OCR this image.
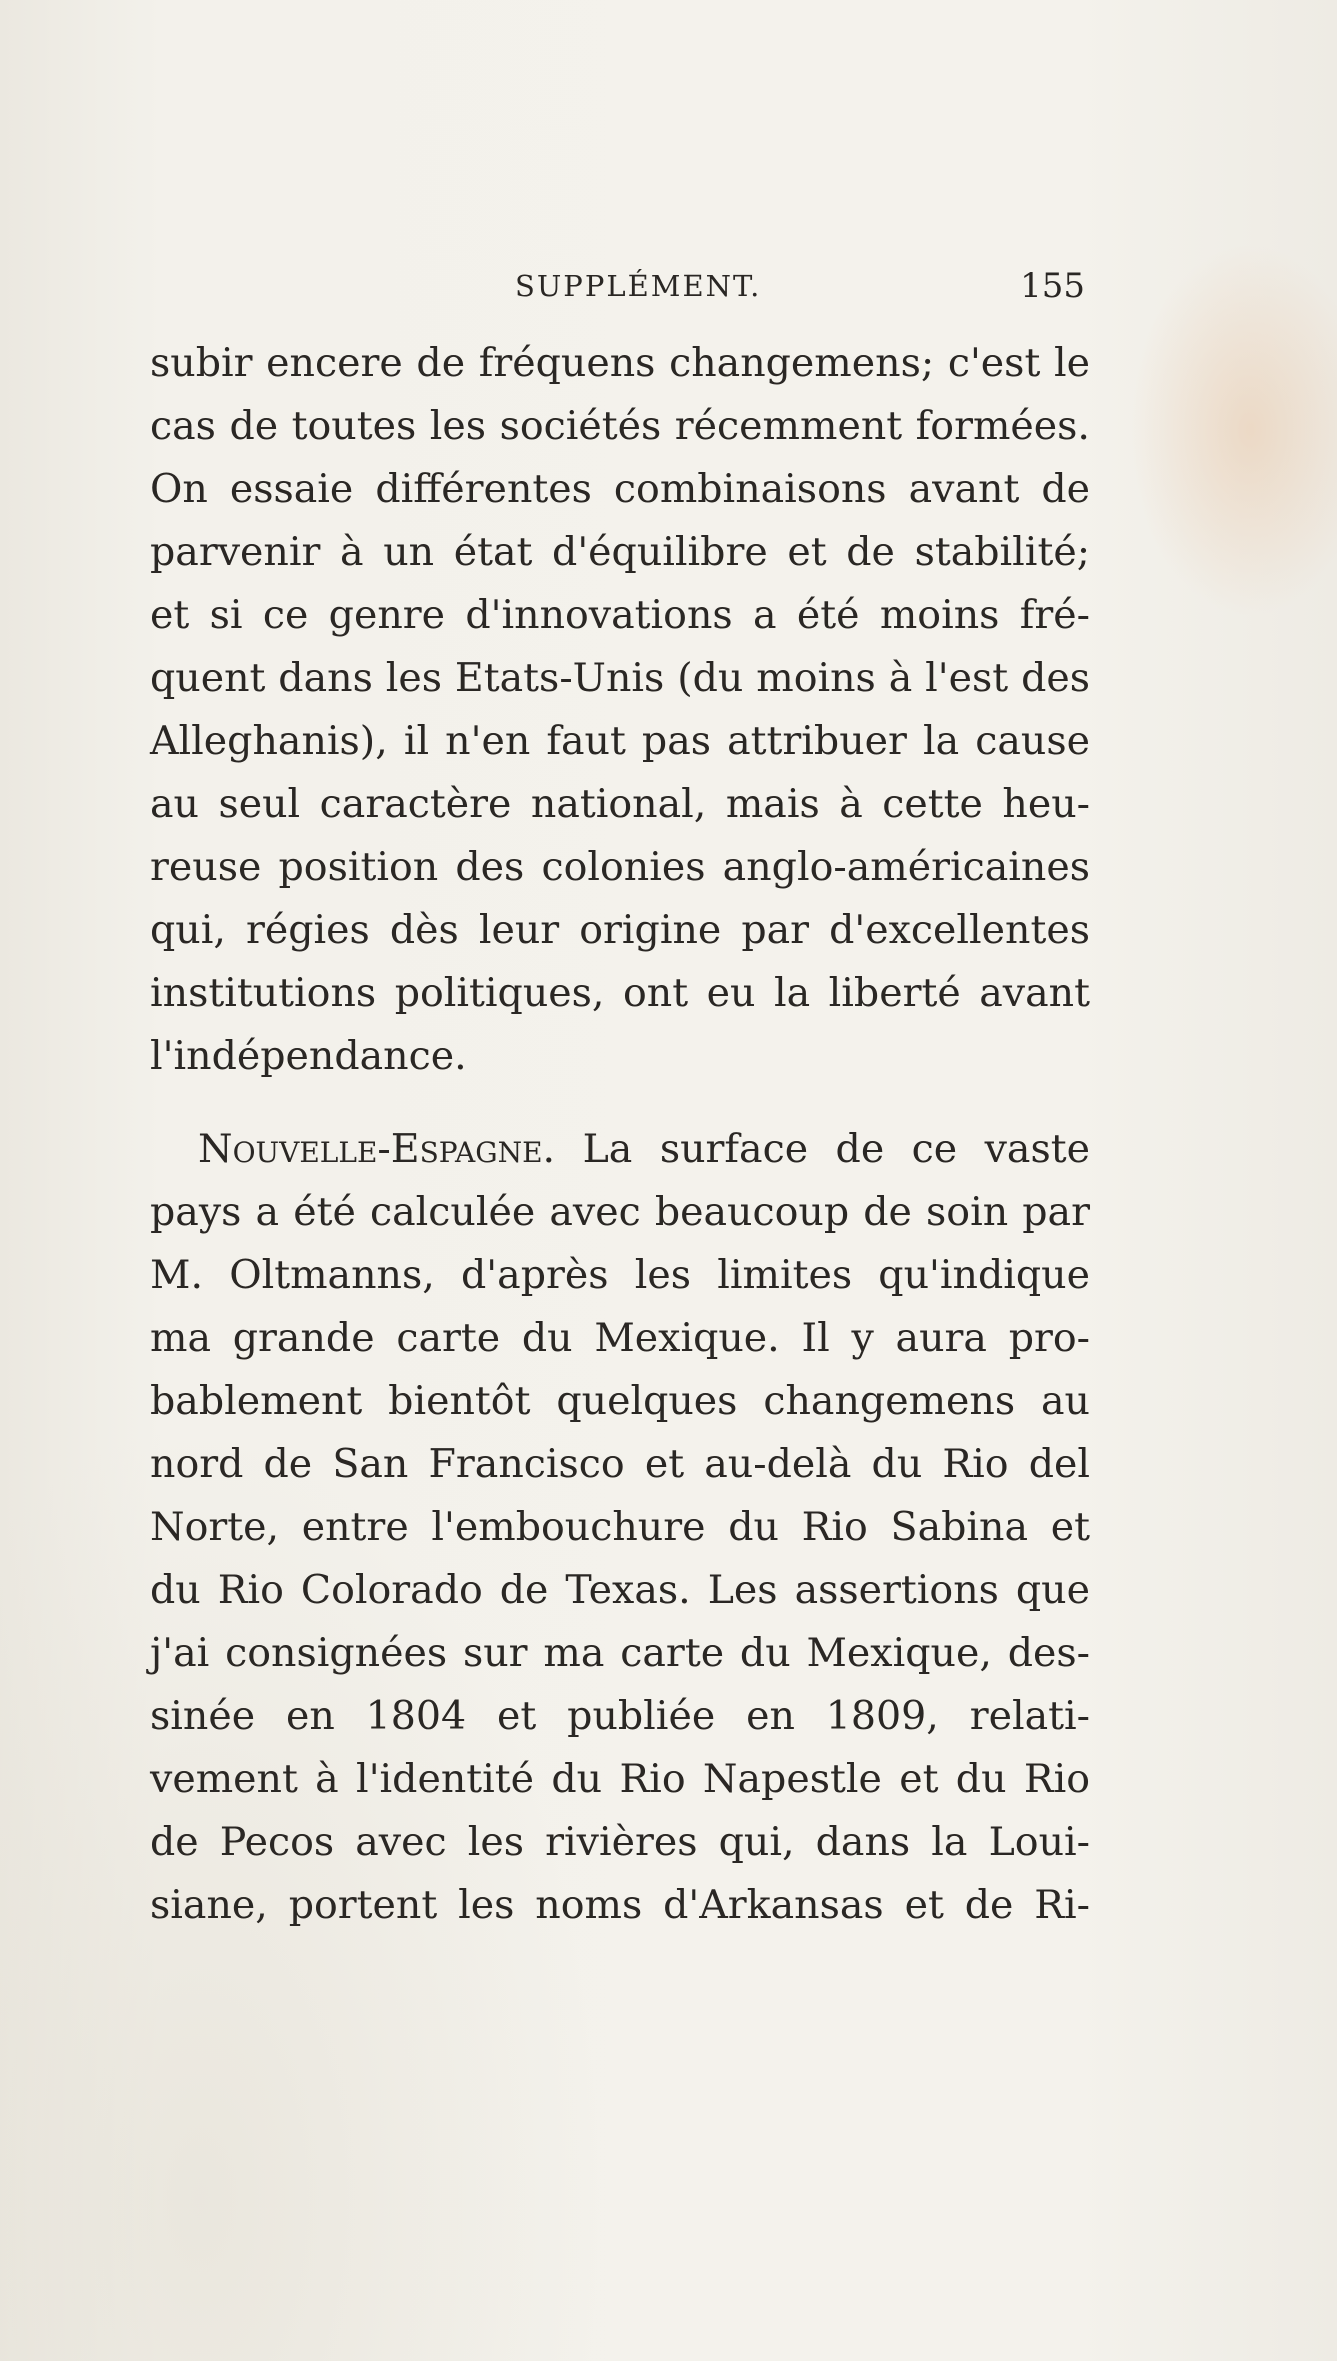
SUPPLÉMENT.	155
subir encere de fréquens changemens; c'est le
cas de toutes les sociétés récemment formées.
On essaie différentes combinaisons avant de
parvenir à un état d'équilibre et de stabilité;
et si ce genre d'innovations a été moins fré-
quent dans les Etats-Unis (du moins à l'est des
Alleghanis), il n'en faut pas attribuer la cause
au seul caractère national, mais à cette heu-
reuse position des colonies anglo-américaines
qui, régies dès leur origine par d'excellentes
institutions politiques, ont eu la liberté avant
l'indépendance.
Nouvelle-Espagne. La surface de ce vaste
pays a été calculée avec beaucoup de soin par
M. Oltmanns, d'après les limites qu'indique
ma grande carte du Mexique. Il y aura pro-
bablement bientôt quelques changemens au
nord de San Francisco et au-delà du Rio del
Norte, entre l'embouchure du Rio Sabina et
du Rio Colorado de Texas. Les assertions que
j'ai consignées sur ma carte du Mexique, des-
sinée en 1804 et publiée en 1809, relati-
vement à l'identité du Rio Napestle et du Rio
de Pecos avec les rivières qui, dans la Loui-
siane, portent les noms d'Arkansas et de Ri-
